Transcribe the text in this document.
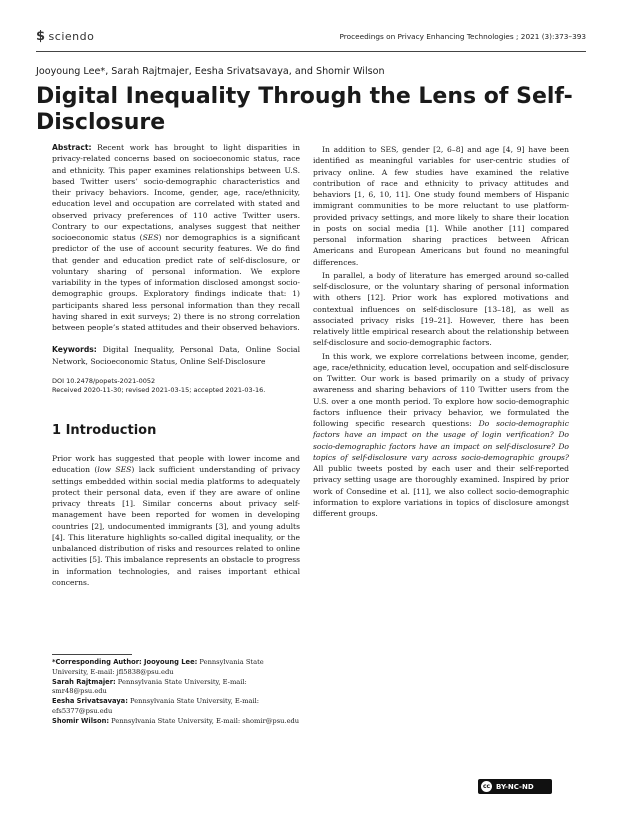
$ sciendo	Proceedings on Privacy Enhancing Technologies ; 2021 (3):373–393
Jooyoung Lee*, Sarah Rajtmajer, Eesha Srivatsavaya, and Shomir Wilson
Digital Inequality Through the Lens of Self-Disclosure

Abstract: Recent work has brought to light disparities in privacy-related concerns based on socioeconomic status, race and ethnicity. This paper examines relationships between U.S. based Twitter users’ socio-demographic characteristics and their privacy behaviors. Income, gender, age, race/ethnicity, education level and occupation are correlated with stated and observed privacy preferences of 110 active Twitter users. Contrary to our expectations, analyses suggest that neither socioeconomic status (SES) nor demographics is a significant predictor of the use of account security features. We do find that gender and education predict rate of self-disclosure, or voluntary sharing of personal information. We explore variability in the types of information disclosed amongst socio-demographic groups. Exploratory findings indicate that: 1) participants shared less personal information than they recall having shared in exit surveys; 2) there is no strong correlation between people’s stated attitudes and their observed behaviors.

Keywords: Digital Inequality, Personal Data, Online Social Network, Socioeconomic Status, Online Self-Disclosure

DOI 10.2478/popets-2021-0052
Received 2020-11-30; revised 2021-03-15; accepted 2021-03-16.
1 Introduction

Prior work has suggested that people with lower income and education (low SES) lack sufficient understanding of privacy settings embedded within social media platforms to adequately protect their personal data, even if they are aware of online privacy threats [1]. Similar concerns about privacy self-management have been reported for women in developing countries [2], undocumented immigrants [3], and young adults [4]. This literature highlights so-called digital inequality, or the unbalanced distribution of risks and resources related to online activities [5]. This imbalance represents an obstacle to progress in information technologies, and raises important ethical concerns.

In addition to SES, gender [2, 6–8] and age [4, 9] have been identified as meaningful variables for user-centric studies of privacy online. A few studies have examined the relative contribution of race and ethnicity to privacy attitudes and behaviors [1, 6, 10, 11]. One study found members of Hispanic immigrant communities to be more reluctant to use platform-provided privacy settings, and more likely to share their location in posts on social media [1]. While another [11] compared personal information sharing practices between African Americans and European Americans but found no meaningful differences.

In parallel, a body of literature has emerged around so-called self-disclosure, or the voluntary sharing of personal information with others [12]. Prior work has explored motivations and contextual influences on self-disclosure [13–18], as well as associated privacy risks [19–21]. However, there has been relatively little empirical research about the relationship between self-disclosure and socio-demographic factors.

In this work, we explore correlations between income, gender, age, race/ethnicity, education level, occupation and self-disclosure on Twitter. Our work is based primarily on a study of privacy awareness and sharing behaviors of 110 Twitter users from the U.S. over a one month period. To explore how socio-demographic factors influence their privacy behavior, we formulated the following specific research questions: Do socio-demographic factors have an impact on the usage of login verification? Do socio-demographic factors have an impact on self-disclosure? Do topics of self-disclosure vary across socio-demographic groups? All public tweets posted by each user and their self-reported privacy setting usage are thoroughly examined. Inspired by prior work of Consedine et al. [11], we also collect socio-demographic information to explore variations in topics of disclosure amongst different groups.

*Corresponding Author: Jooyoung Lee: Pennsylvania State University, E-mail: jfl5838@psu.edu

Sarah Rajtmajer: Pennsylvania State University, E-mail: smr48@psu.edu

Eesha Srivatsavaya: Pennsylvania State University, E-mail: efs5377@psu.edu

Shomir Wilson: Pennsylvania State University, E-mail: shomir@psu.edu

cc BY-NC-ND
